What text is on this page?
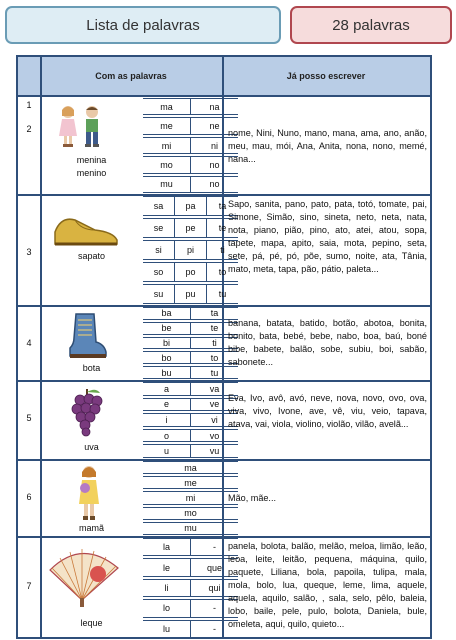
Lista de palavras	28 palavras
Com as palavras	Já posso escrever
1
2
menina
menino
ma	na
me	ne
mi	ni
mo	no
mu	no
nome, Nini, Nuno, mano, mana, ama, ano, anão, meu, mau, mói, Ana, Anita, nona, nono, memé, nana...
3	sapato
sa	pa	ta
se	pe	te
si	pi	ti
so	po	to
su	pu	tu
Sapo, sanita, pano, pato, pata, totó, tomate, pai, Simone, Simão, sino, sineta, neto, neta, nata, nota, piano, pião, pino, ato, atei, atou, sopa, tapete, mapa, apito, saia, mota, pepino, seta, sete, pá, pé, pó, põe, sumo, noite, ata, Tânia, mato, meta, tapa, pão, pátio, paleta...
4
bota
ba	ta
be	te
bi	ti
bo	to
bu	tu
banana, batata, batido, botão, abotoa, bonita, bonito, bata, bebé, bebe, nabo, boa, baú, boné bibe, babete, balão, sobe, subiu, boi, sabão, sabonete...
5
uva
a	va
e	ve
i	vi
o	vo
u	vu
Eva, Ivo, avô, avó, neve, nova, novo, ovo, ova, viva, vivo, Ivone, ave, vê, viu, veio, tapava, atava, vai, viola, violino, violão, vilão, avelã...
6
mamã
ma
me
mi
mo
mu
Mão, mãe...
7
leque
la	-
le	que
li	qui
lo	-
lu	-
panela, bolota, balão, melão, meloa, limão, leão, leoa, leite, leitão, pequena, máquina, quilo, paquete, Liliana, bola, papoila, tulipa, mala, mola, bolo, lua, queque, leme, lima, aquele, aquela, aquilo, salão, , sala, selo, pêlo, baleia, lobo, baile, pele, pulo, bolota, Daniela, bule, omeleta, aqui, quilo, quieto...
